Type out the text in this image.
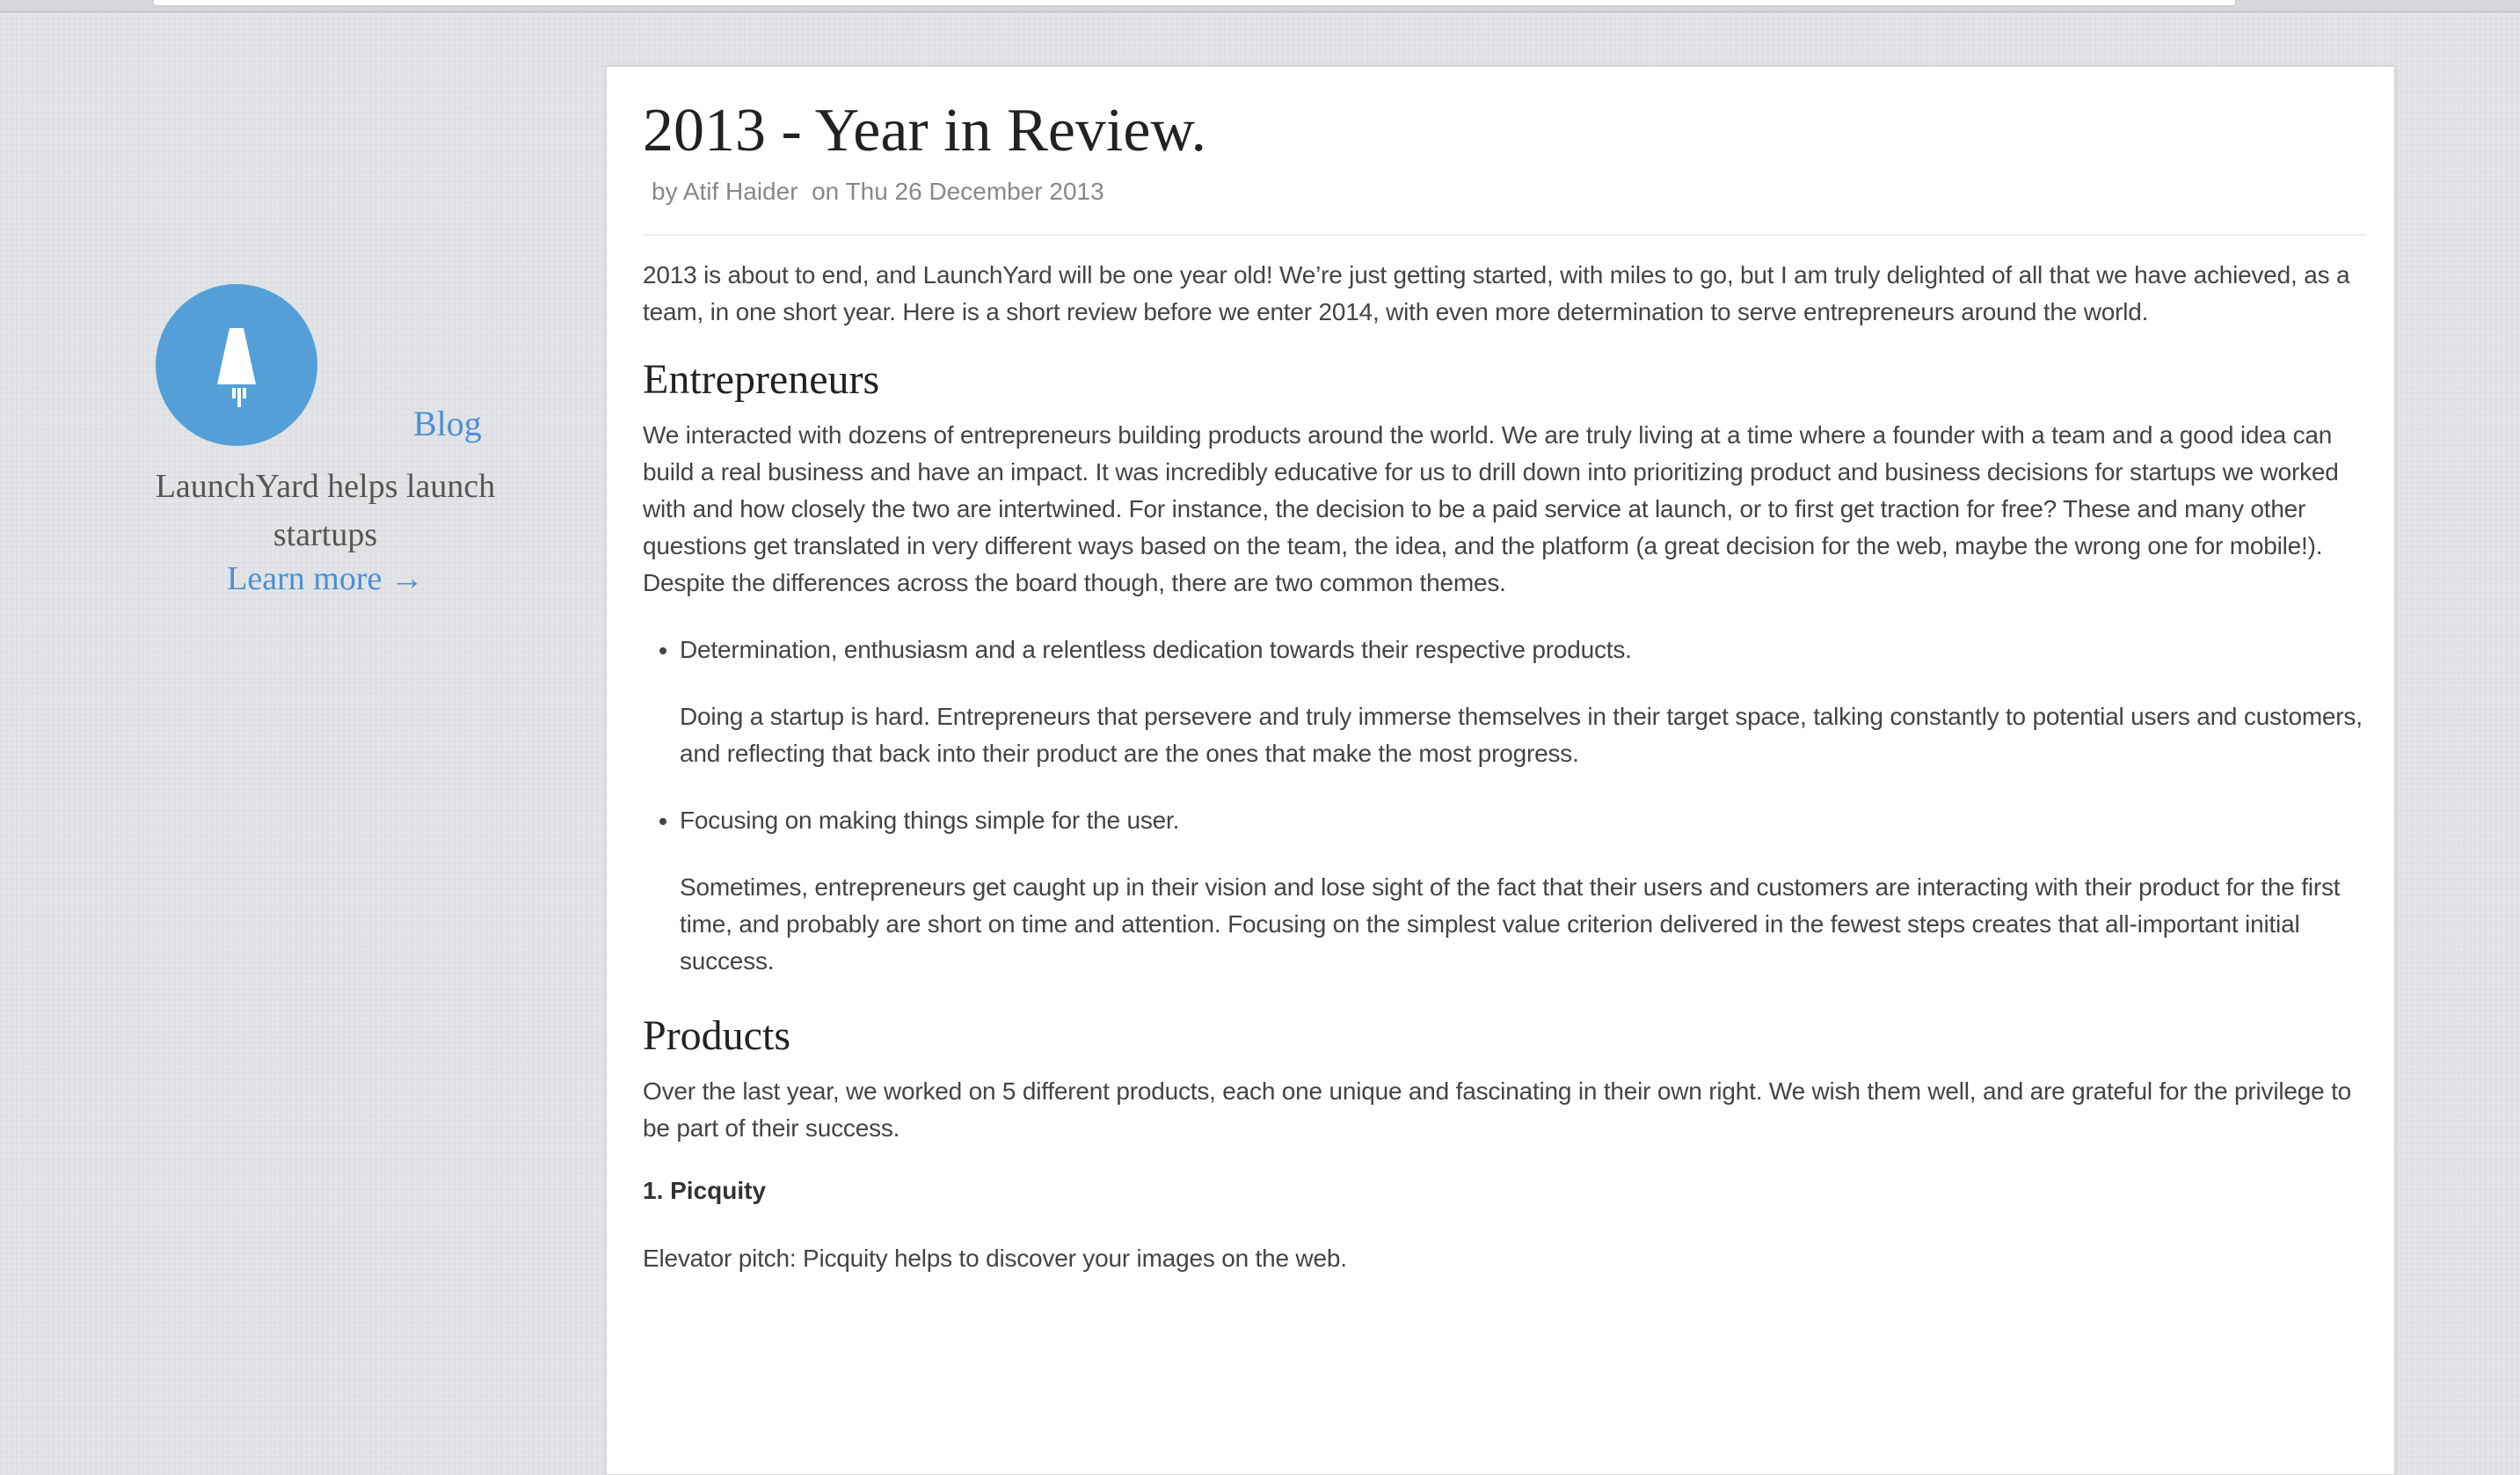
Blog
LaunchYard helps launch startups
Learn more →
2013 - Year in Review.
by Atif Haider on Thu 26 December 2013

2013 is about to end, and LaunchYard will be one year old! We’re just getting started, with miles to go, but I am truly delighted of all that we have achieved, as a team, in one short year. Here is a short review before we enter 2014, with even more determination to serve entrepreneurs around the world.

Entrepreneurs

We interacted with dozens of entrepreneurs building products around the world. We are truly living at a time where a founder with a team and a good idea can build a real business and have an impact. It was incredibly educative for us to drill down into prioritizing product and business decisions for startups we worked with and how closely the two are intertwined. For instance, the decision to be a paid service at launch, or to first get traction for free? These and many other questions get translated in very different ways based on the team, the idea, and the platform (a great decision for the web, maybe the wrong one for mobile!). Despite the differences across the board though, there are two common themes.

• Determination, enthusiasm and a relentless dedication towards their respective products.

Doing a startup is hard. Entrepreneurs that persevere and truly immerse themselves in their target space, talking constantly to potential users and customers, and reflecting that back into their product are the ones that make the most progress.

• Focusing on making things simple for the user.

Sometimes, entrepreneurs get caught up in their vision and lose sight of the fact that their users and customers are interacting with their product for the first time, and probably are short on time and attention. Focusing on the simplest value criterion delivered in the fewest steps creates that all-important initial success.

Products

Over the last year, we worked on 5 different products, each one unique and fascinating in their own right. We wish them well, and are grateful for the privilege to be part of their success.

1. Picquity

Elevator pitch: Picquity helps to discover your images on the web.
